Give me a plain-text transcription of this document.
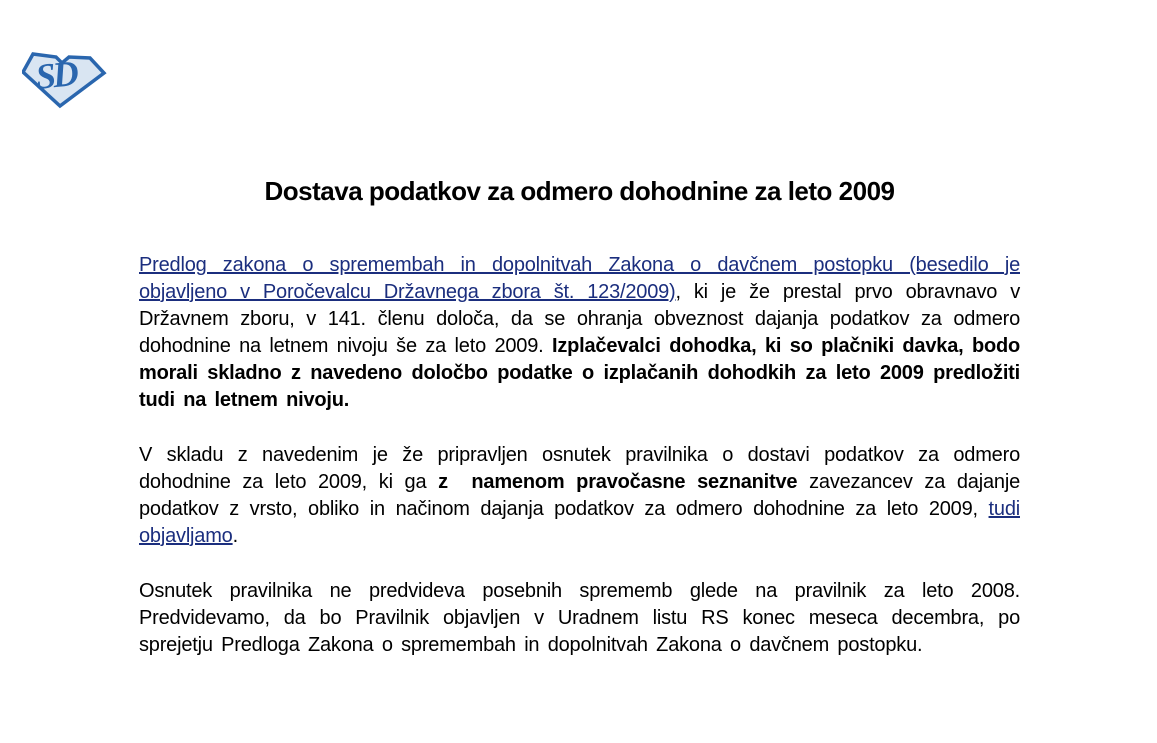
SD
Dostava podatkov za odmero dohodnine za leto 2009

Predlog zakona o spremembah in dopolnitvah Zakona o davčnem postopku (besedilo je objavljeno v Poročevalcu Državnega zbora št. 123/2009), ki je že prestal prvo obravnavo v Državnem zboru, v 141. členu določa, da se ohranja obveznost dajanja podatkov za odmero dohodnine na letnem nivoju še za leto 2009. Izplačevalci dohodka, ki so plačniki davka, bodo morali skladno z navedeno določbo podatke o izplačanih dohodkih za leto 2009 predložiti tudi na letnem nivoju.

V skladu z navedenim je že pripravljen osnutek pravilnika o dostavi podatkov za odmero dohodnine za leto 2009, ki ga z  namenom pravočasne seznanitve zavezancev za dajanje podatkov z vrsto, obliko in načinom dajanja podatkov za odmero dohodnine za leto 2009, tudi objavljamo.

Osnutek pravilnika ne predvideva posebnih sprememb glede na pravilnik za leto 2008. Predvidevamo, da bo Pravilnik objavljen v Uradnem listu RS konec meseca decembra, po sprejetju Predloga Zakona o spremembah in dopolnitvah Zakona o davčnem postopku.
